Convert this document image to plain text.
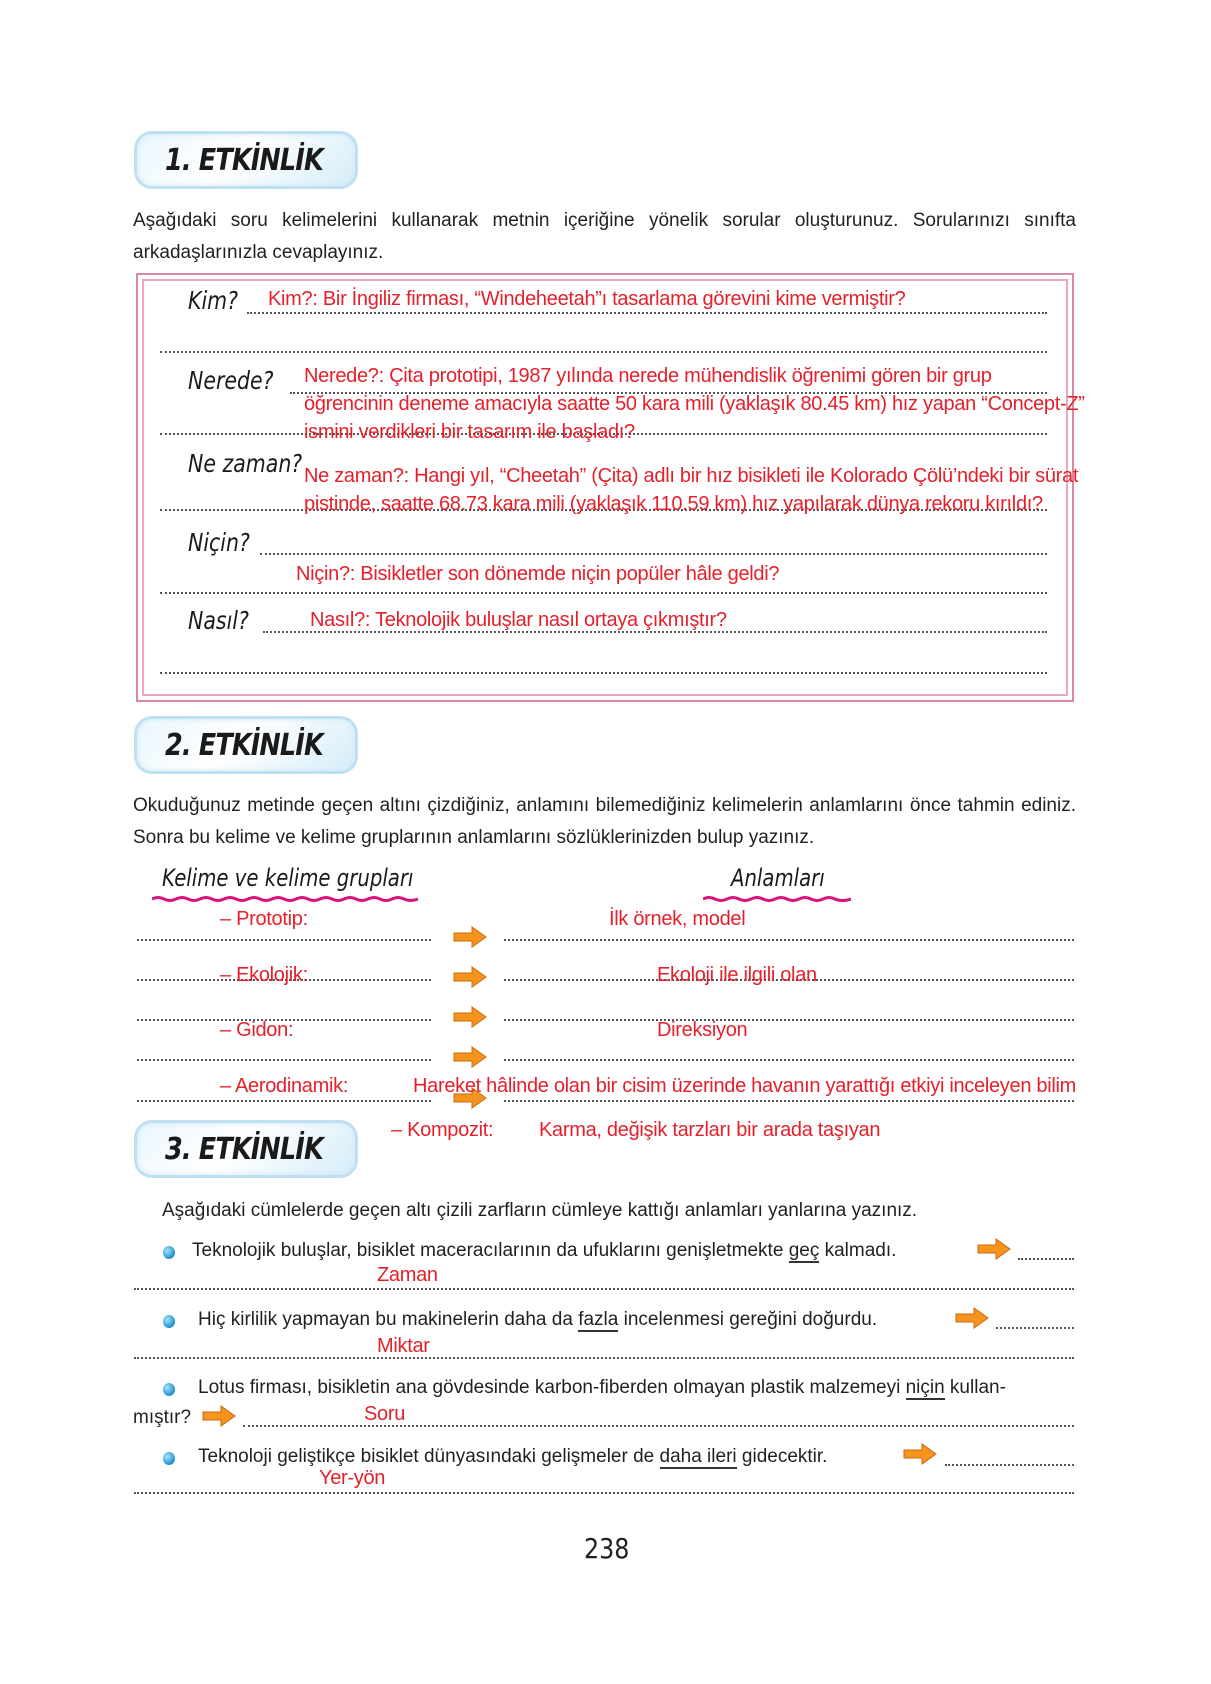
1. ETKİNLİK
Aşağıdaki soru kelimelerini kullanarak metnin içeriğine yönelik sorular oluşturunuz. Sorularınızı sınıfta arkadaşlarınızla cevaplayınız.
Kim? Kim?: Bir İngiliz firması, “Windeheetah”ı tasarlama görevini kime vermiştir?
Nerede? Nerede?: Çita prototipi, 1987 yılında nerede mühendislik öğrenimi gören bir grup
öğrencinin deneme amacıyla saatte 50 kara mili (yaklaşık 80.45 km) hız yapan “Concept-Z”
ismini verdikleri bir tasarım ile başladı?
Ne zaman? Ne zaman?: Hangi yıl, “Cheetah” (Çita) adlı bir hız bisikleti ile Kolorado Çölü’ndeki bir sürat
pistinde, saatte 68.73 kara mili (yaklaşık 110.59 km) hız yapılarak dünya rekoru kırıldı?
Niçin?
Niçin?: Bisikletler son dönemde niçin popüler hâle geldi?
Nasıl?	Nasıl?: Teknolojik buluşlar nasıl ortaya çıkmıştır?
2. ETKİNLİK
Okuduğunuz metinde geçen altını çizdiğiniz, anlamını bilemediğiniz kelimelerin anlamlarını önce tahmin ediniz. Sonra bu kelime ve kelime gruplarının anlamlarını sözlüklerinizden bulup yazınız.
Kelime ve kelime grupları	Anlamları
– Prototip:	İlk örnek, model
– Ekolojik:	Ekoloji ile ilgili olan
– Gidon:	Direksiyon
– Aerodinamik:	Hareket hâlinde olan bir cisim üzerinde havanın yarattığı etkiyi inceleyen bilim
– Kompozit: Karma, değişik tarzları bir arada taşıyan
3. ETKİNLİK
Aşağıdaki cümlelerde geçen altı çizili zarfların cümleye kattığı anlamları yanlarına yazınız.
Teknolojik buluşlar, bisiklet maceracılarının da ufuklarını genişletmekte geç kalmadı.
Zaman
Hiç kirlilik yapmayan bu makinelerin daha da fazla incelenmesi gereğini doğurdu.
Miktar
Lotus firması, bisikletin ana gövdesinde karbon-fiberden olmayan plastik malzemeyi niçin kullan-
mıştır?	Soru
Teknoloji geliştikçe bisiklet dünyasındaki gelişmeler de daha ileri gidecektir.
Yer-yön
238
